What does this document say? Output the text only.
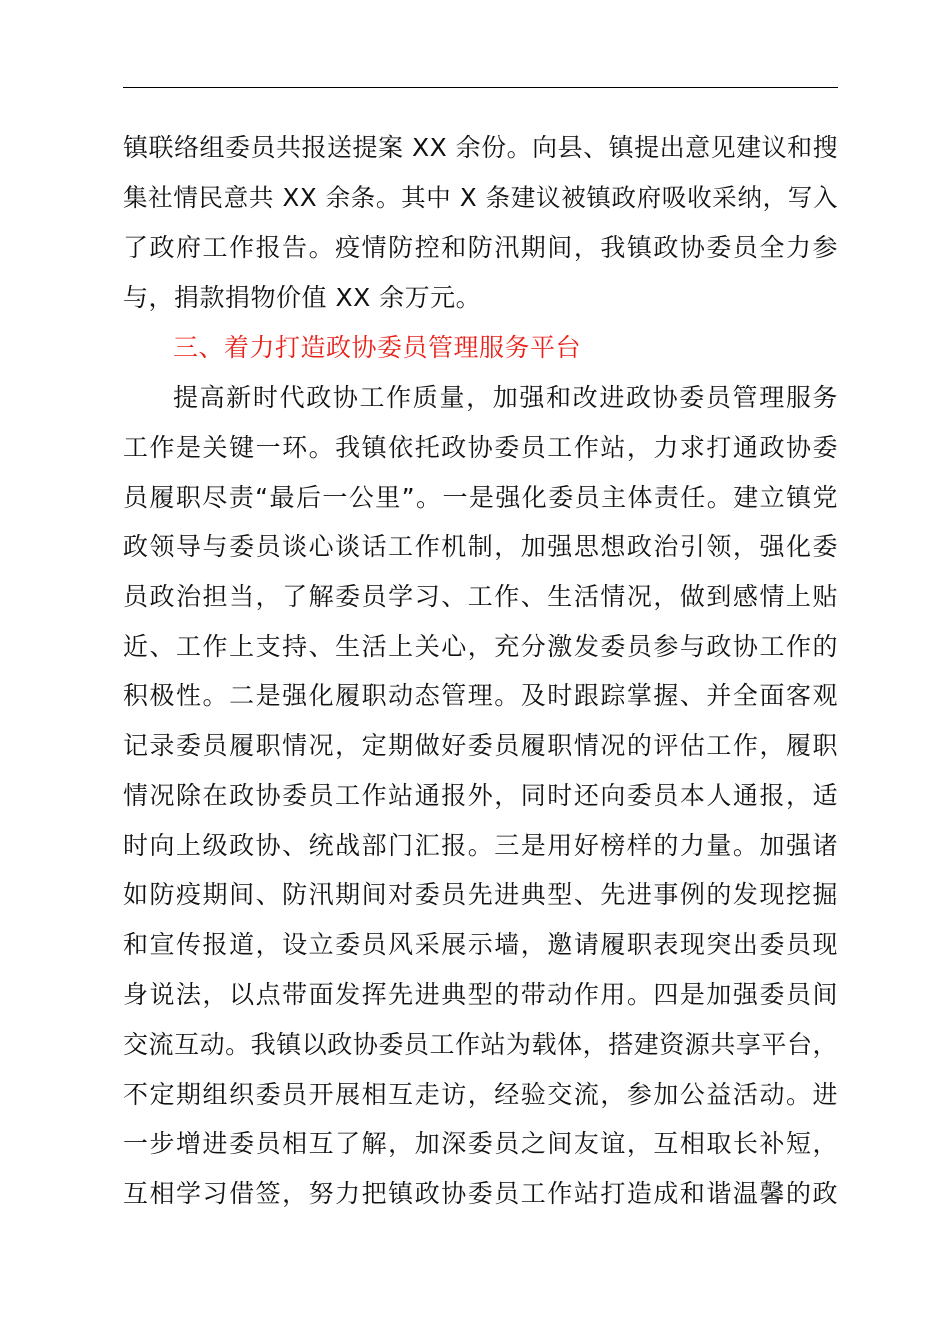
镇联络组委员共报送提案 XX 余份。向县、镇提出意见建议和搜
集社情民意共 XX 余条。其中 X 条建议被镇政府吸收采纳，写入
了政府工作报告。疫情防控和防汛期间，我镇政协委员全力参
与，捐款捐物价值 XX 余万元。
三、着力打造政协委员管理服务平台
提高新时代政协工作质量，加强和改进政协委员管理服务
工作是关键一环。我镇依托政协委员工作站，力求打通政协委
员履职尽责“最后一公里”。一是强化委员主体责任。建立镇党
政领导与委员谈心谈话工作机制，加强思想政治引领，强化委
员政治担当，了解委员学习、工作、生活情况，做到感情上贴
近、工作上支持、生活上关心，充分激发委员参与政协工作的
积极性。二是强化履职动态管理。及时跟踪掌握、并全面客观
记录委员履职情况，定期做好委员履职情况的评估工作，履职
情况除在政协委员工作站通报外，同时还向委员本人通报，适
时向上级政协、统战部门汇报。三是用好榜样的力量。加强诸
如防疫期间、防汛期间对委员先进典型、先进事例的发现挖掘
和宣传报道，设立委员风采展示墙，邀请履职表现突出委员现
身说法，以点带面发挥先进典型的带动作用。四是加强委员间
交流互动。我镇以政协委员工作站为载体，搭建资源共享平台，
不定期组织委员开展相互走访，经验交流，参加公益活动。进
一步增进委员相互了解，加深委员之间友谊，互相取长补短，
互相学习借签，努力把镇政协委员工作站打造成和谐温馨的政
